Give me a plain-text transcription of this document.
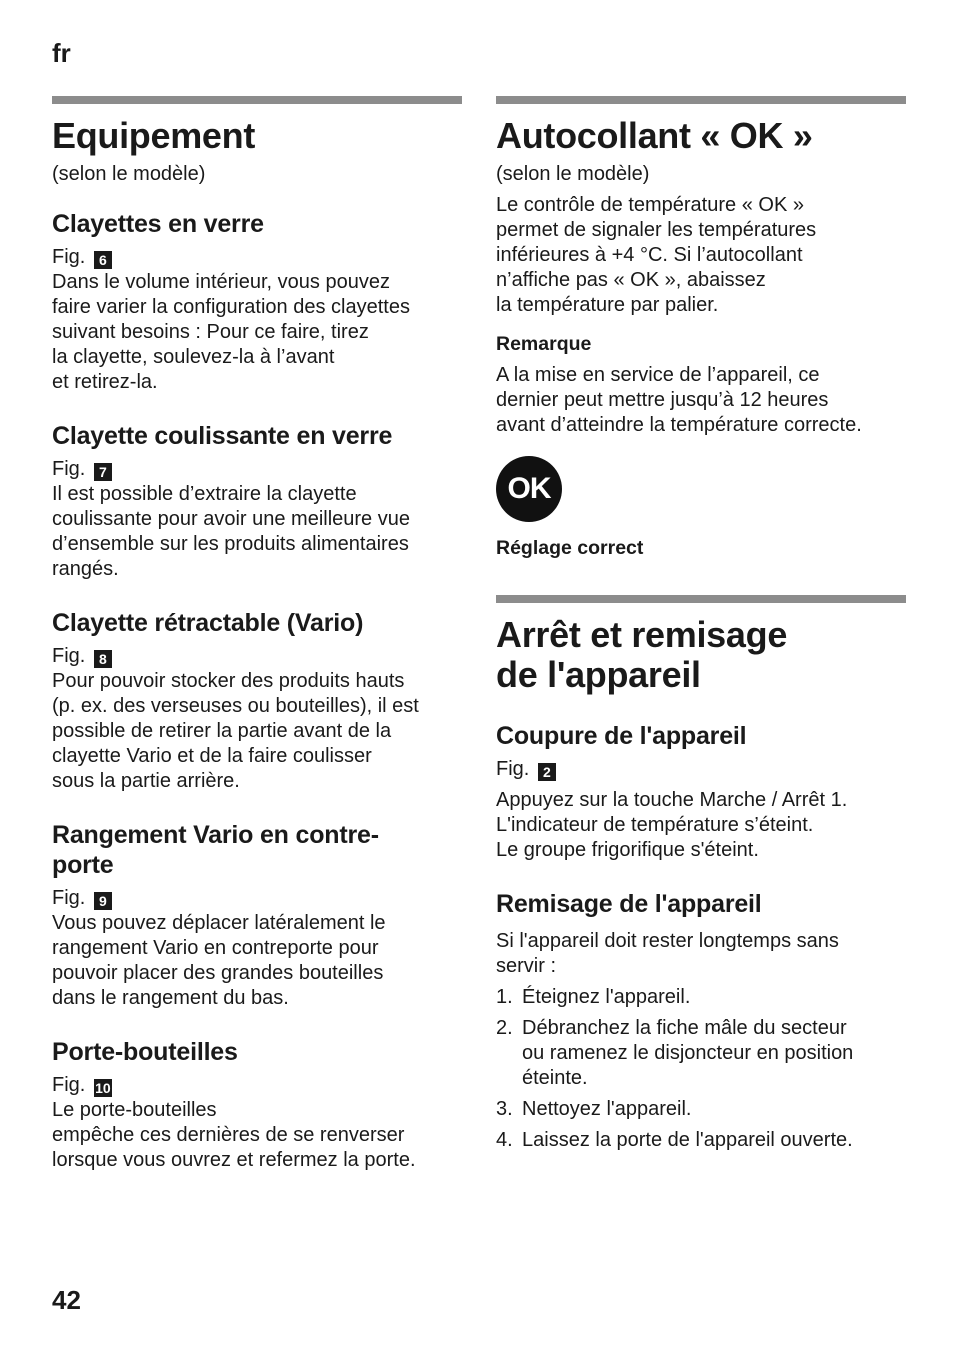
fr
Equipement

(selon le modèle)

Clayettes en verre
Fig. 6

Dans le volume intérieur, vous pouvez

faire varier la configuration des clayettes

suivant besoins : Pour ce faire, tirez

la clayette, soulevez-la à l’avant

et retirez-la.

Clayette coulissante en verre
Fig. 7

Il est possible d’extraire la clayette

coulissante pour avoir une meilleure vue

d’ensemble sur les produits alimentaires

rangés.

Clayette rétractable (Vario)
Fig. 8

Pour pouvoir stocker des produits hauts

(p. ex. des verseuses ou bouteilles), il est

possible de retirer la partie avant de la

clayette Vario et de la faire coulisser

sous la partie arrière.

Rangement Vario en contre-
porte
Fig. 9

Vous pouvez déplacer latéralement le

rangement Vario en contreporte pour

pouvoir placer des grandes bouteilles

dans le rangement du bas.

Porte-bouteilles
Fig. 10

Le porte-bouteilles

empêche ces dernières de se renverser

lorsque vous ouvrez et refermez la porte.

Autocollant « OK »

(selon le modèle)

Le contrôle de température « OK »

permet de signaler les températures

inférieures à +4 °C. Si l’autocollant

n’affiche pas « OK », abaissez

la température par palier.

Remarque

A la mise en service de l’appareil, ce

dernier peut mettre jusqu’à 12 heures

avant d’atteindre la température correcte.

OK
Réglage correct
Arrêt et remisage
de l'appareil
Coupure de l'appareil
Fig. 2

Appuyez sur la touche Marche / Arrêt 1.

L'indicateur de température s’éteint.

Le groupe frigorifique s'éteint.

Remisage de l'appareil

Si l'appareil doit rester longtemps sans

servir :

1. Éteignez l'appareil.
2. Débranchez la fiche mâle du secteur
ou ramenez le disjoncteur en position
éteinte.
3. Nettoyez l'appareil.
4. Laissez la porte de l'appareil ouverte.
42
